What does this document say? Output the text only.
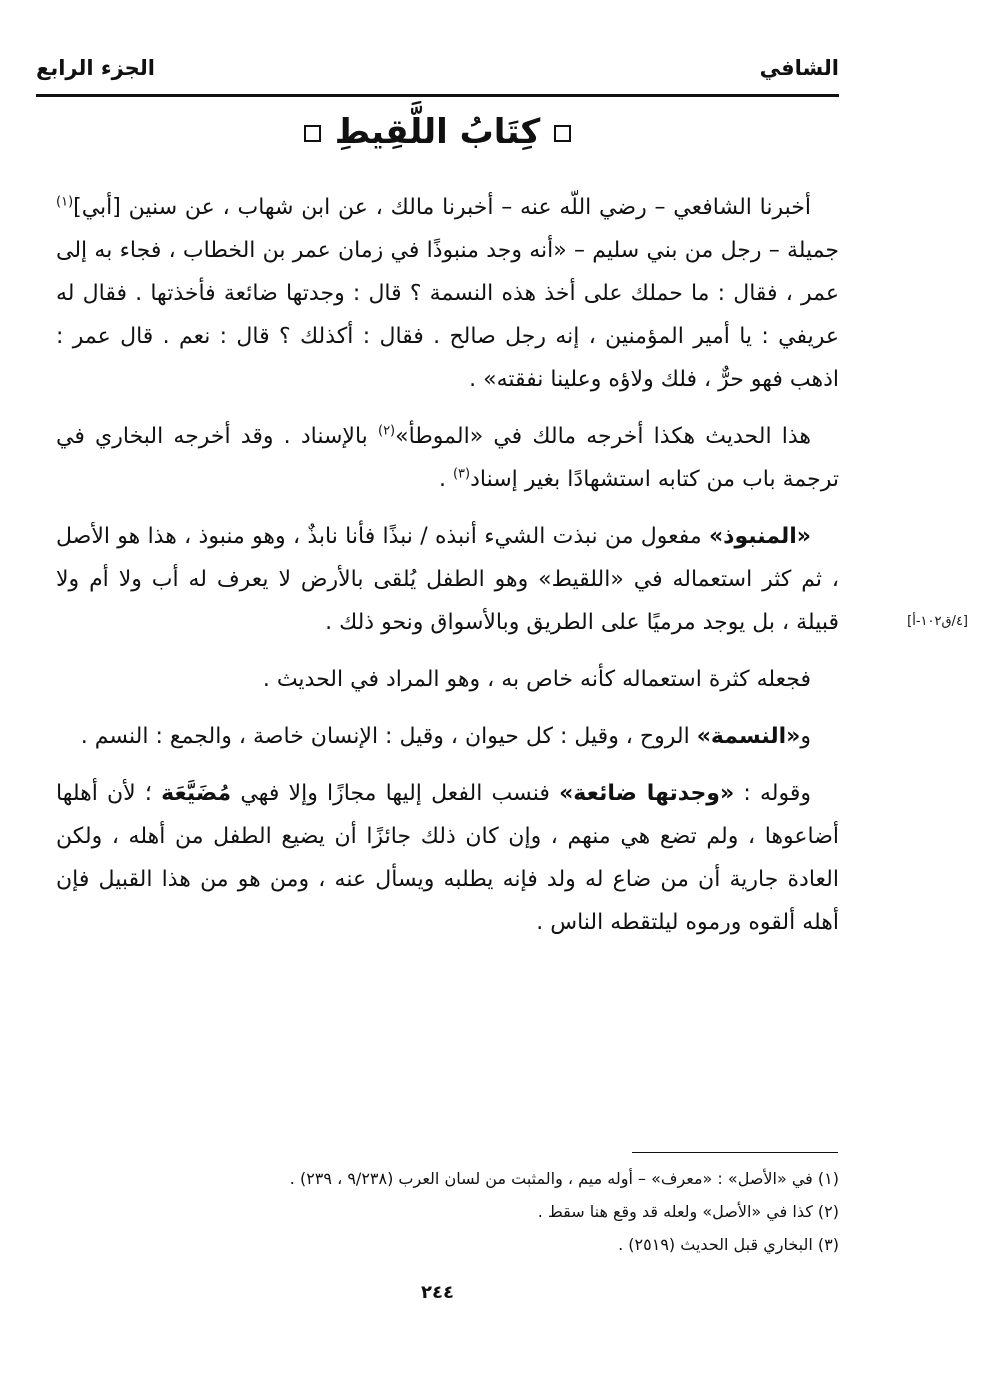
الشافي
الجزء الرابع
كِتَابُ اللَّقِيطِ

أخبرنا الشافعي – رضي اللّه عنه – أخبرنا مالك ، عن ابن شهاب ، عن سنين [أبي]$^{(١)}$ جميلة – رجل من بني سليم – «أنه وجد منبوذًا في زمان عمر بن الخطاب ، فجاء به إلى عمر ، فقال : ما حملك على أخذ هذه النسمة ؟ قال : وجدتها ضائعة فأخذتها . فقال له عريفي : يا أمير المؤمنين ، إنه رجل صالح . فقال : أكذلك ؟ قال : نعم . قال عمر : اذهب فهو حرٌّ ، فلك ولاؤه وعلينا نفقته» .

هذا الحديث هكذا أخرجه مالك في «الموطأ»$^{(٢)}$ بالإسناد . وقد أخرجه البخاري في ترجمة باب من كتابه استشهادًا بغير إسناد$^{(٣)}$ .

«المنبوذ» مفعول من نبذت الشيء أنبذه / نبذًا فأنا نابذٌ ، وهو منبوذ ، هذا هو الأصل ، ثم كثر استعماله في «اللقيط» وهو الطفل يُلقى بالأرض لا يعرف له أب ولا أم ولا قبيلة ، بل يوجد مرميًا على الطريق وبالأسواق ونحو ذلك .

فجعله كثرة استعماله كأنه خاص به ، وهو المراد في الحديث .

و«النسمة» الروح ، وقيل : كل حيوان ، وقيل : الإنسان خاصة ، والجمع : النسم .

وقوله : «وجدتها ضائعة» فنسب الفعل إليها مجازًا وإلا فهي مُضَيَّعَة ؛ لأن أهلها أضاعوها ، ولم تضع هي منهم ، وإن كان ذلك جائزًا أن يضيع الطفل من أهله ، ولكن العادة جارية أن من ضاع له ولد فإنه يطلبه ويسأل عنه ، ومن هو من هذا القبيل فإن أهله ألقوه ورموه ليلتقطه الناس .

[٤/ق١٠٢-أ]
(١) في «الأصل» : «معرف» – أوله ميم ، والمثبت من لسان العرب (٩/٢٣٨ ، ٢٣٩) .
(٢) كذا في «الأصل» ولعله قد وقع هنا سقط .
(٣) البخاري قبل الحديث (٢٥١٩) .
٢٤٤
